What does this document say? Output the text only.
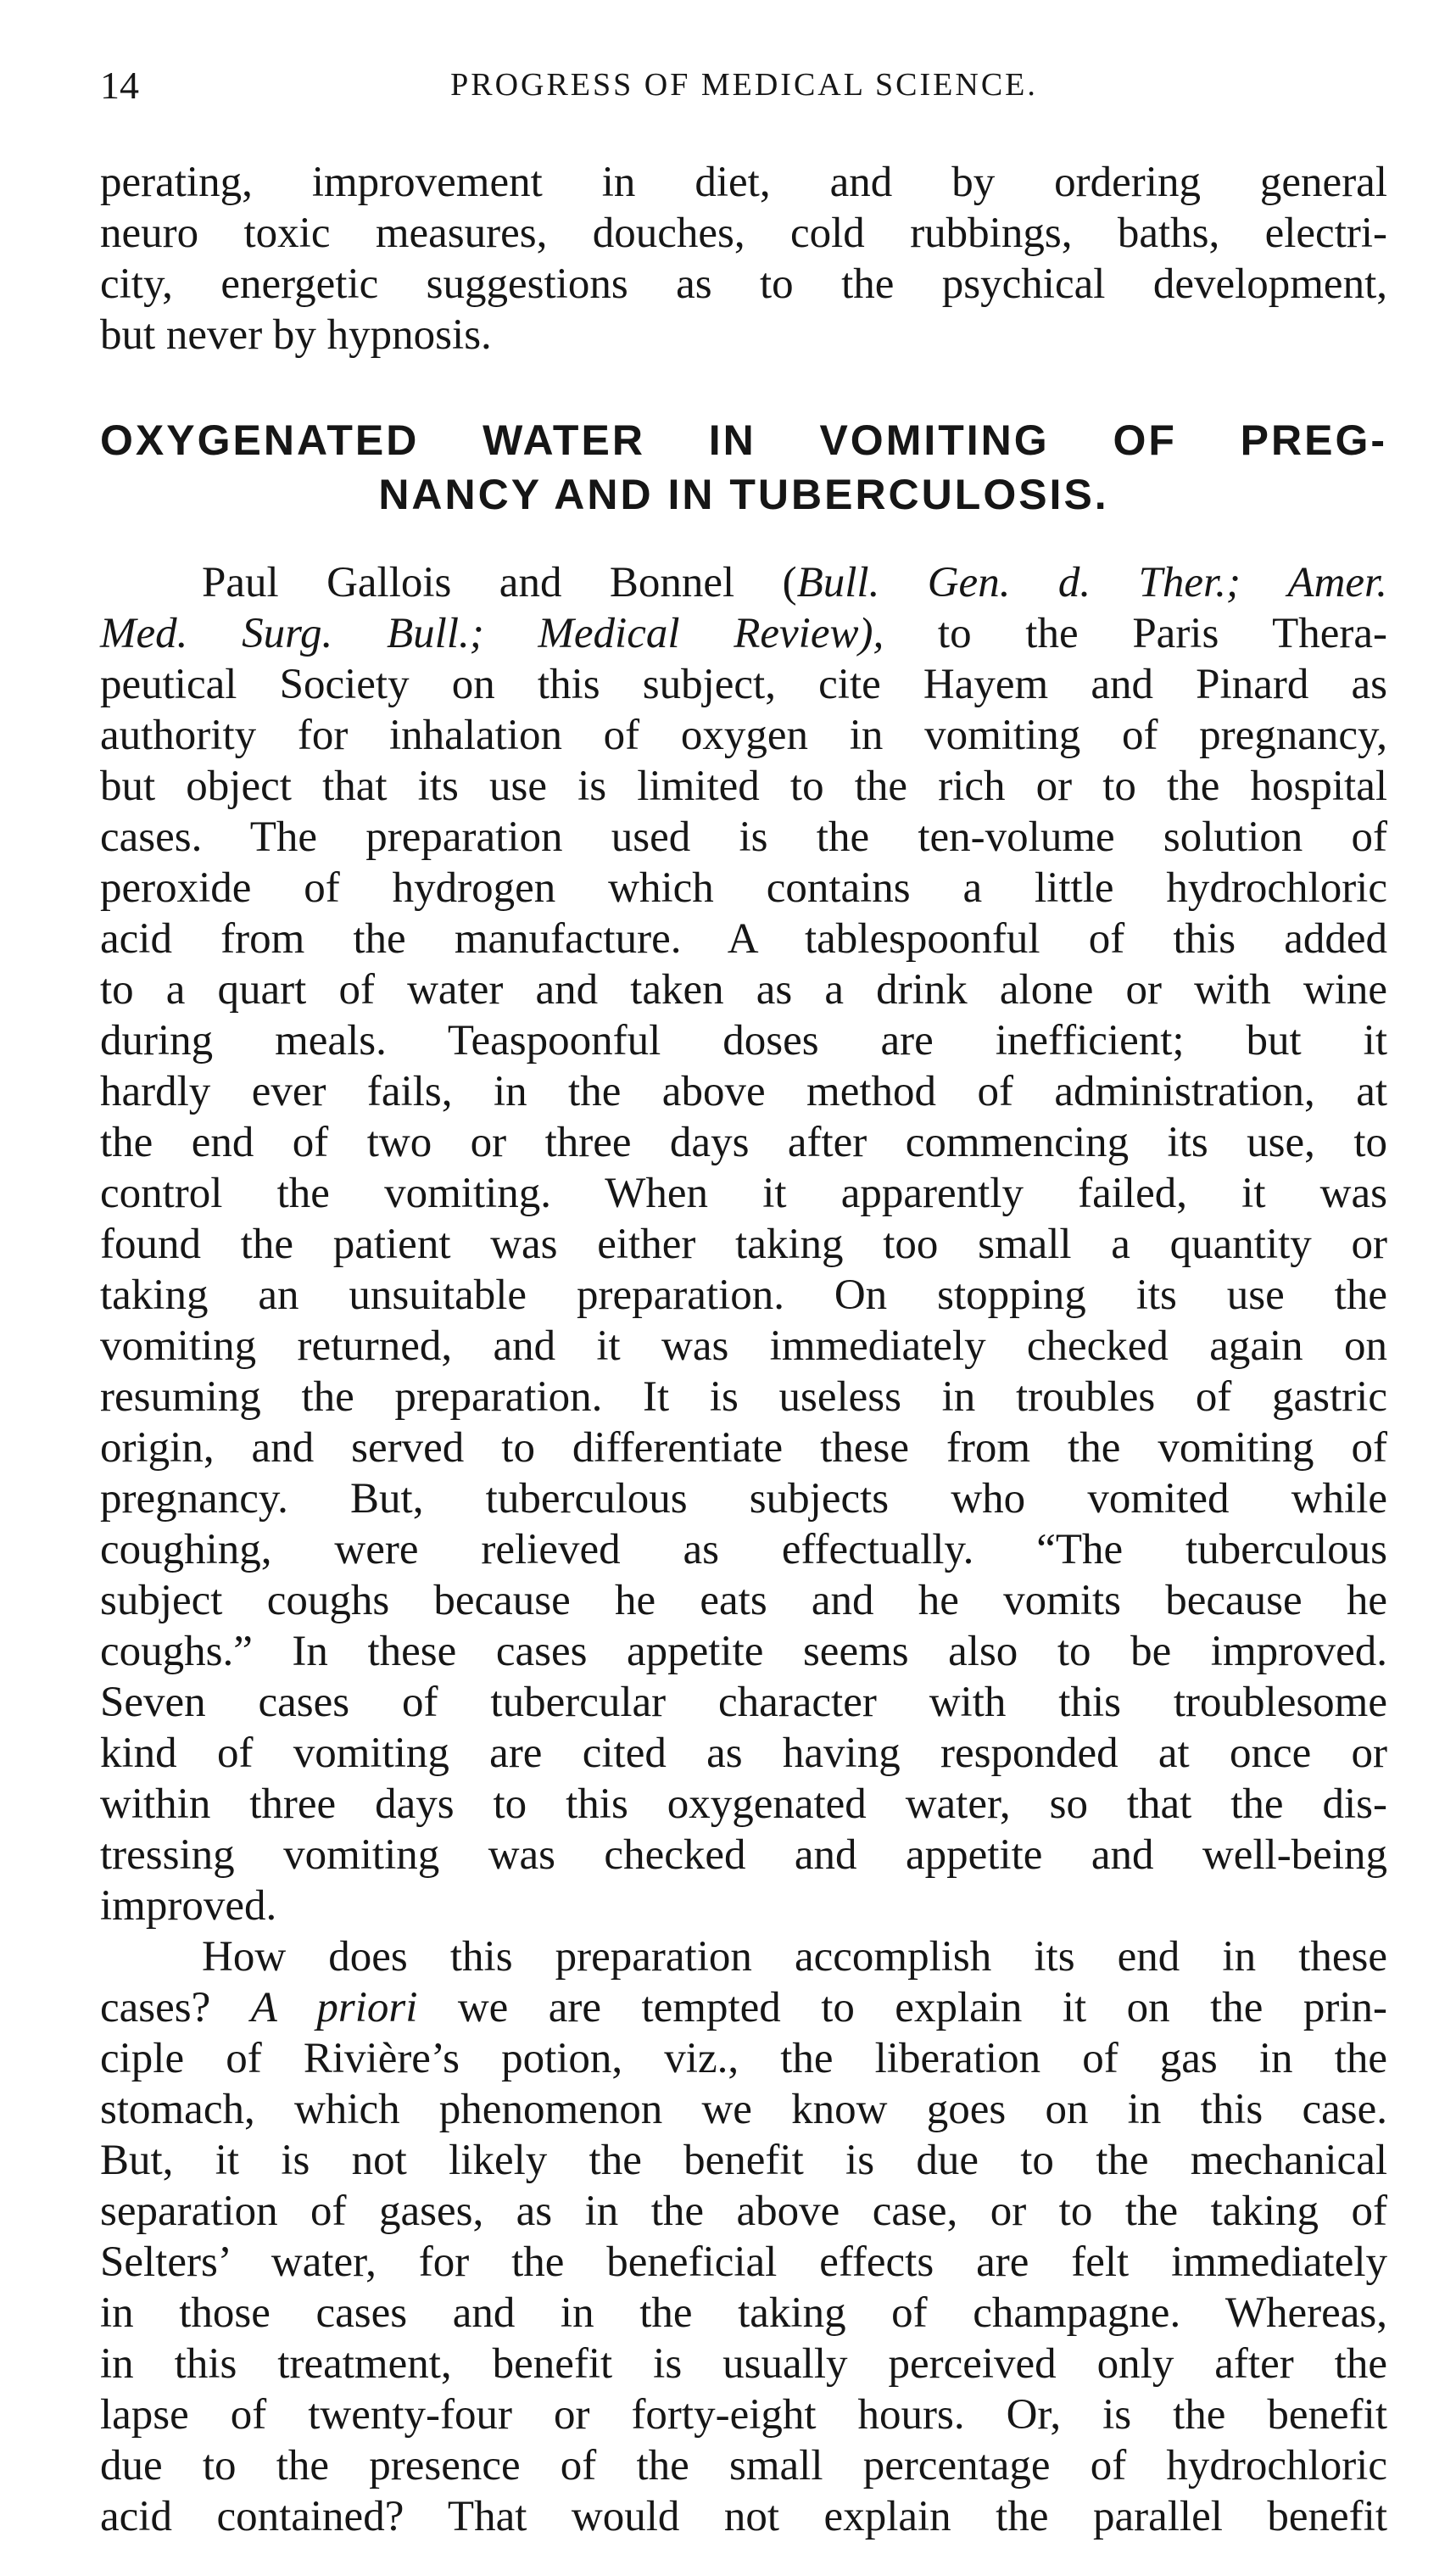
14	PROGRESS OF MEDICAL SCIENCE.
perating, improvement in diet, and by ordering general
neuro toxic measures, douches, cold rubbings, baths, electri-
city, energetic suggestions as to the psychical development,
but never by hypnosis.
OXYGENATED WATER IN VOMITING OF PREG-
NANCY AND IN TUBERCULOSIS.
Paul Gallois and Bonnel (Bull. Gen. d. Ther.; Amer.
Med. Surg. Bull.; Medical Review), to the Paris Thera-
peutical Society on this subject, cite Hayem and Pinard as
authority for inhalation of oxygen in vomiting of pregnancy,
but object that its use is limited to the rich or to the hospital
cases. The preparation used is the ten-volume solution of
peroxide of hydrogen which contains a little hydrochloric
acid from the manufacture. A tablespoonful of this added
to a quart of water and taken as a drink alone or with wine
during meals. Teaspoonful doses are inefficient; but it
hardly ever fails, in the above method of administration, at
the end of two or three days after commencing its use, to
control the vomiting. When it apparently failed, it was
found the patient was either taking too small a quantity or
taking an unsuitable preparation. On stopping its use the
vomiting returned, and it was immediately checked again on
resuming the preparation. It is useless in troubles of gastric
origin, and served to differentiate these from the vomiting of
pregnancy. But, tuberculous subjects who vomited while
coughing, were relieved as effectually. “The tuberculous
subject coughs because he eats and he vomits because he
coughs.” In these cases appetite seems also to be improved.
Seven cases of tubercular character with this troublesome
kind of vomiting are cited as having responded at once or
within three days to this oxygenated water, so that the dis-
tressing vomiting was checked and appetite and well-being
improved.
How does this preparation accomplish its end in these
cases? A priori we are tempted to explain it on the prin-
ciple of Rivière’s potion, viz., the liberation of gas in the
stomach, which phenomenon we know goes on in this case.
But, it is not likely the benefit is due to the mechanical
separation of gases, as in the above case, or to the taking of
Selters’ water, for the beneficial effects are felt immediately
in those cases and in the taking of champagne. Whereas,
in this treatment, benefit is usually perceived only after the
lapse of twenty-four or forty-eight hours. Or, is the benefit
due to the presence of the small percentage of hydrochloric
acid contained? That would not explain the parallel benefit
